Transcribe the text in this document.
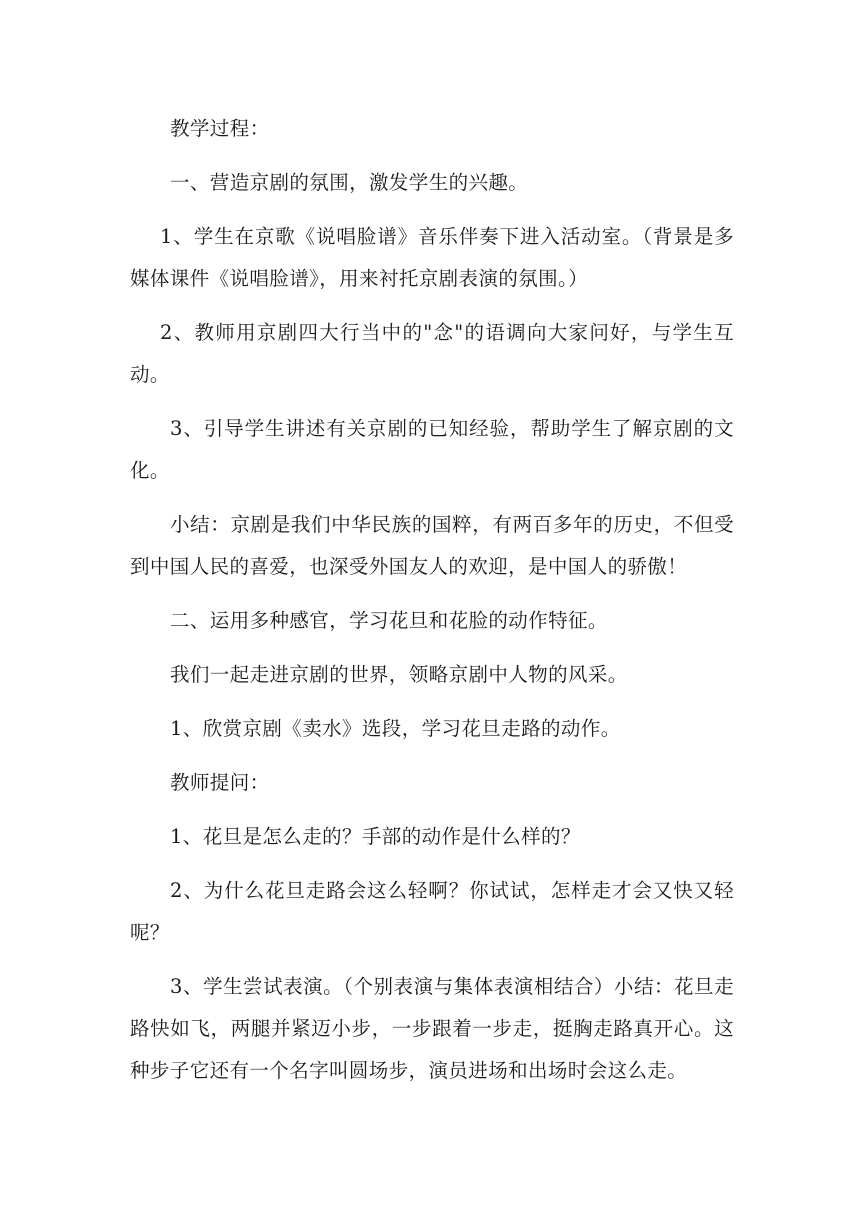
教学过程：

一、营造京剧的氛围，激发学生的兴趣。

1、学生在京歌《说唱脸谱》音乐伴奏下进入活动室。（背景是多媒体课件《说唱脸谱》，用来衬托京剧表演的氛围。）

2、教师用京剧四大行当中的"念"的语调向大家问好，与学生互动。

3、引导学生讲述有关京剧的已知经验，帮助学生了解京剧的文化。

小结：京剧是我们中华民族的国粹，有两百多年的历史，不但受到中国人民的喜爱，也深受外国友人的欢迎，是中国人的骄傲！

二、运用多种感官，学习花旦和花脸的动作特征。

我们一起走进京剧的世界，领略京剧中人物的风采。

1、欣赏京剧《卖水》选段，学习花旦走路的动作。

教师提问：

1、花旦是怎么走的？手部的动作是什么样的？

2、为什么花旦走路会这么轻啊？你试试，怎样走才会又快又轻呢？

3、学生尝试表演。（个别表演与集体表演相结合）小结：花旦走路快如飞，两腿并紧迈小步，一步跟着一步走，挺胸走路真开心。这种步子它还有一个名字叫圆场步，演员进场和出场时会这么走。
